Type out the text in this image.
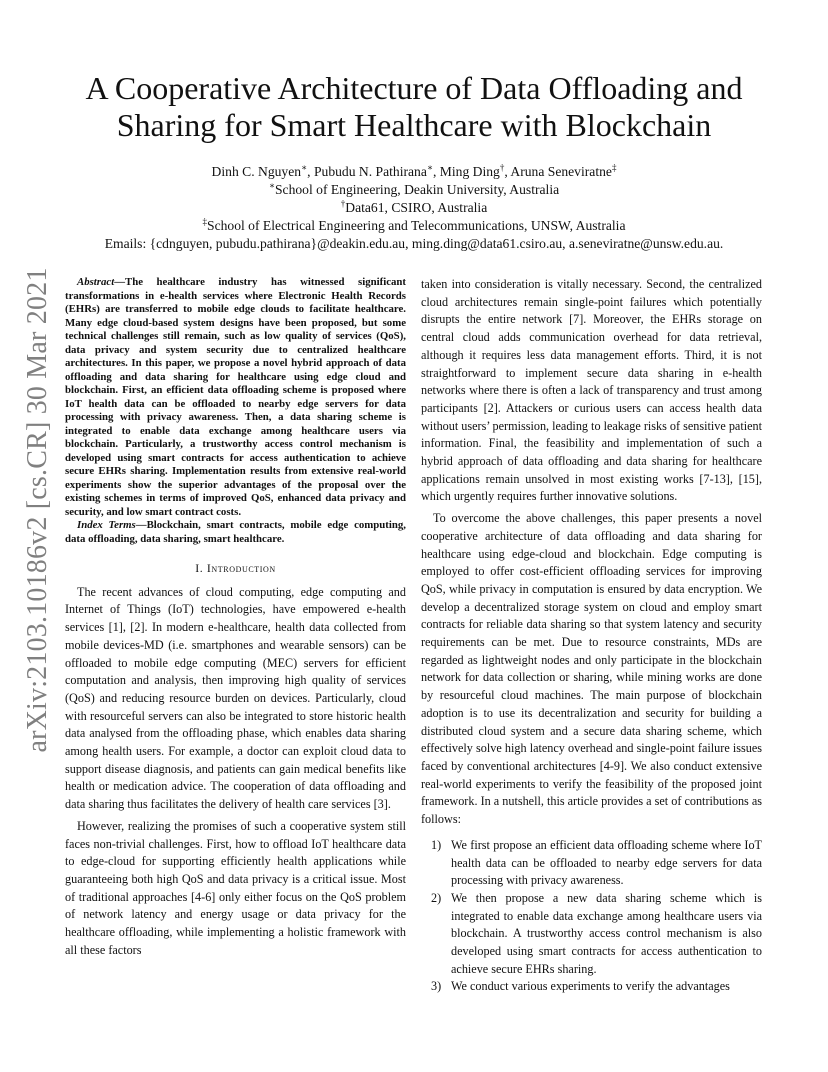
arXiv:2103.10186v2 [cs.CR] 30 Mar 2021
A Cooperative Architecture of Data Offloading and
Sharing for Smart Healthcare with Blockchain
Dinh C. Nguyen∗, Pubudu N. Pathirana∗, Ming Ding†, Aruna Seneviratne‡
∗School of Engineering, Deakin University, Australia
†Data61, CSIRO, Australia
‡School of Electrical Engineering and Telecommunications, UNSW, Australia
Emails: {cdnguyen, pubudu.pathirana}@deakin.edu.au, ming.ding@data61.csiro.au, a.seneviratne@unsw.edu.au.

Abstract—The healthcare industry has witnessed significant transformations in e-health services where Electronic Health Records (EHRs) are transferred to mobile edge clouds to facilitate healthcare. Many edge cloud-based system designs have been proposed, but some technical challenges still remain, such as low quality of services (QoS), data privacy and system security due to centralized healthcare architectures. In this paper, we propose a novel hybrid approach of data offloading and data sharing for healthcare using edge cloud and blockchain. First, an efficient data offloading scheme is proposed where IoT health data can be offloaded to nearby edge servers for data processing with privacy awareness. Then, a data sharing scheme is integrated to enable data exchange among healthcare users via blockchain. Particularly, a trustworthy access control mechanism is developed using smart contracts for access authentication to achieve secure EHRs sharing. Implementation results from extensive real-world experiments show the superior advantages of the proposal over the existing schemes in terms of improved QoS, enhanced data privacy and security, and low smart contract costs.

Index Terms—Blockchain, smart contracts, mobile edge computing, data offloading, data sharing, smart healthcare.

I. Introduction

The recent advances of cloud computing, edge computing and Internet of Things (IoT) technologies, have empowered e-health services [1], [2]. In modern e-healthcare, health data collected from mobile devices-MD (i.e. smartphones and wearable sensors) can be offloaded to mobile edge computing (MEC) servers for efficient computation and analysis, then improving high quality of services (QoS) and reducing resource burden on devices. Particularly, cloud with resourceful servers can also be integrated to store historic health data analysed from the offloading phase, which enables data sharing among health users. For example, a doctor can exploit cloud data to support disease diagnosis, and patients can gain medical benefits like health or medication advice. The cooperation of data offloading and data sharing thus facilitates the delivery of health care services [3].

However, realizing the promises of such a cooperative system still faces non-trivial challenges. First, how to offload IoT healthcare data to edge-cloud for supporting efficiently health applications while guaranteeing both high QoS and data privacy is a critical issue. Most of traditional approaches [4-6] only either focus on the QoS problem of network latency and energy usage or data privacy for the healthcare offloading, while implementing a holistic framework with all these factors

taken into consideration is vitally necessary. Second, the centralized cloud architectures remain single-point failures which potentially disrupts the entire network [7]. Moreover, the EHRs storage on central cloud adds communication overhead for data retrieval, although it requires less data management efforts. Third, it is not straightforward to implement secure data sharing in e-health networks where there is often a lack of transparency and trust among participants [2]. Attackers or curious users can access health data without users’ permission, leading to leakage risks of sensitive patient information. Final, the feasibility and implementation of such a hybrid approach of data offloading and data sharing for healthcare applications remain unsolved in most existing works [7-13], [15], which urgently requires further innovative solutions.

To overcome the above challenges, this paper presents a novel cooperative architecture of data offloading and data sharing for healthcare using edge-cloud and blockchain. Edge computing is employed to offer cost-efficient offloading services for improving QoS, while privacy in computation is ensured by data encryption. We develop a decentralized storage system on cloud and employ smart contracts for reliable data sharing so that system latency and security requirements can be met. Due to resource constraints, MDs are regarded as lightweight nodes and only participate in the blockchain network for data collection or sharing, while mining works are done by resourceful cloud machines. The main purpose of blockchain adoption is to use its decentralization and security for building a distributed cloud system and a secure data sharing scheme, which effectively solve high latency overhead and single-point failure issues faced by conventional architectures [4-9]. We also conduct extensive real-world experiments to verify the feasibility of the proposed joint framework. In a nutshell, this article provides a set of contributions as follows:

1) We first propose an efficient data offloading scheme where IoT health data can be offloaded to nearby edge servers for data processing with privacy awareness.
2) We then propose a new data sharing scheme which is integrated to enable data exchange among healthcare users via blockchain. A trustworthy access control mechanism is also developed using smart contracts for access authentication to achieve secure EHRs sharing.
3) We conduct various experiments to verify the advantages
